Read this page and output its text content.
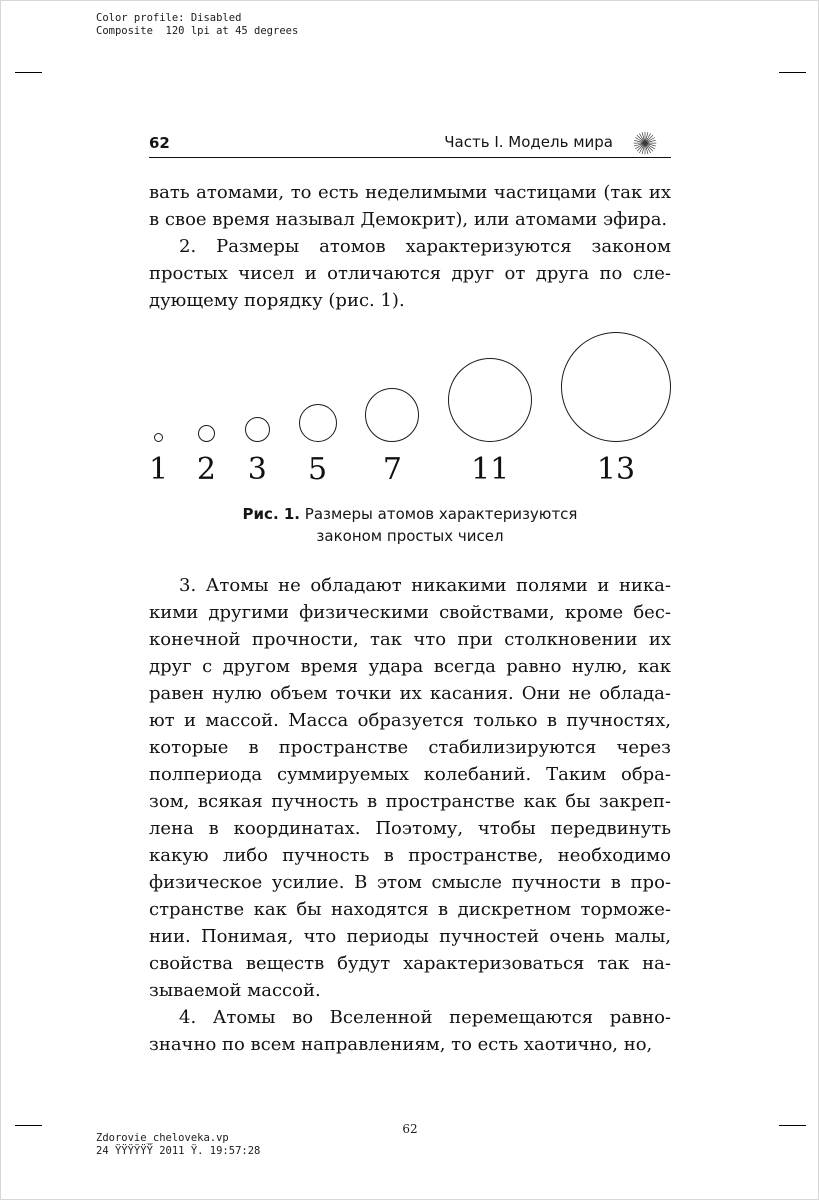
Color profile: Disabled
Composite  120 lpi at 45 degrees
62	Часть I. Модель мира
вать атомами, то есть неделимыми частицами (так их
в свое время называл Демокрит), или атомами эфира.
2. Размеры атомов характеризуются законом
простых чисел и отличаются друг от друга по сле-
дующему порядку (рис. 1).
1 2 3 5 7 11	13
Рис. 1. Размеры атомов характеризуются
законом простых чисел
3. Атомы не обладают никакими полями и ника-
кими другими физическими свойствами, кроме бес-
конечной прочности, так что при столкновении их
друг с другом время удара всегда равно нулю, как
равен нулю объем точки их касания. Они не облада-
ют и массой. Масса образуется только в пучностях,
которые в пространстве стабилизируются через
полпериода суммируемых колебаний. Таким обра-
зом, всякая пучность в пространстве как бы закреп-
лена в координатах. Поэтому, чтобы передвинуть
какую либо пучность в пространстве, необходимо
физическое усилие. В этом смысле пучности в про-
странстве как бы находятся в дискретном торможе-
нии. Понимая, что периоды пучностей очень малы,
свойства веществ будут характеризоваться так на-
зываемой массой.
4. Атомы во Вселенной перемещаются равно-
значно по всем направлениям, то есть хаотично, но,
62
Zdorovie_cheloveka.vp
24 ŸŸŸŸŸŸ 2011 Ÿ. 19:57:28
